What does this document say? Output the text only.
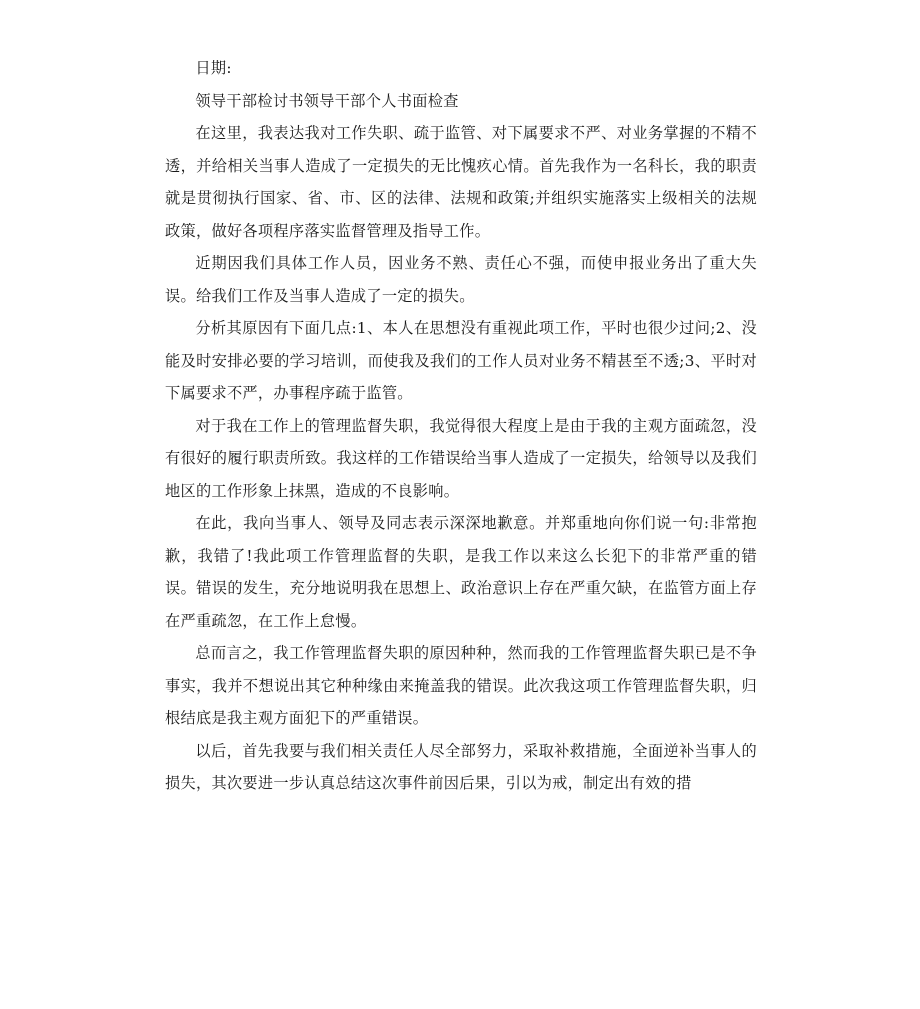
日期:

领导干部检讨书领导干部个人书面检查

在这里，我表达我对工作失职、疏于监管、对下属要求不严、对业务掌握的不精不透，并给相关当事人造成了一定损失的无比愧疚心情。首先我作为一名科长，我的职责就是贯彻执行国家、省、市、区的法律、法规和政策;并组织实施落实上级相关的法规政策，做好各项程序落实监督管理及指导工作。

近期因我们具体工作人员，因业务不熟、责任心不强，而使申报业务出了重大失误。给我们工作及当事人造成了一定的损失。

分析其原因有下面几点:1、本人在思想没有重视此项工作，平时也很少过问;2、没能及时安排必要的学习培训，而使我及我们的工作人员对业务不精甚至不透;3、平时对下属要求不严，办事程序疏于监管。

对于我在工作上的管理监督失职，我觉得很大程度上是由于我的主观方面疏忽，没有很好的履行职责所致。我这样的工作错误给当事人造成了一定损失，给领导以及我们地区的工作形象上抹黑，造成的不良影响。

在此，我向当事人、领导及同志表示深深地歉意。并郑重地向你们说一句:非常抱歉，我错了!我此项工作管理监督的失职，是我工作以来这么长犯下的非常严重的错误。错误的发生，充分地说明我在思想上、政治意识上存在严重欠缺，在监管方面上存在严重疏忽，在工作上怠慢。

总而言之，我工作管理监督失职的原因种种，然而我的工作管理监督失职已是不争事实，我并不想说出其它种种缘由来掩盖我的错误。此次我这项工作管理监督失职，归根结底是我主观方面犯下的严重错误。

以后，首先我要与我们相关责任人尽全部努力，采取补救措施，全面逆补当事人的损失，其次要进一步认真总结这次事件前因后果，引以为戒，制定出有效的措
